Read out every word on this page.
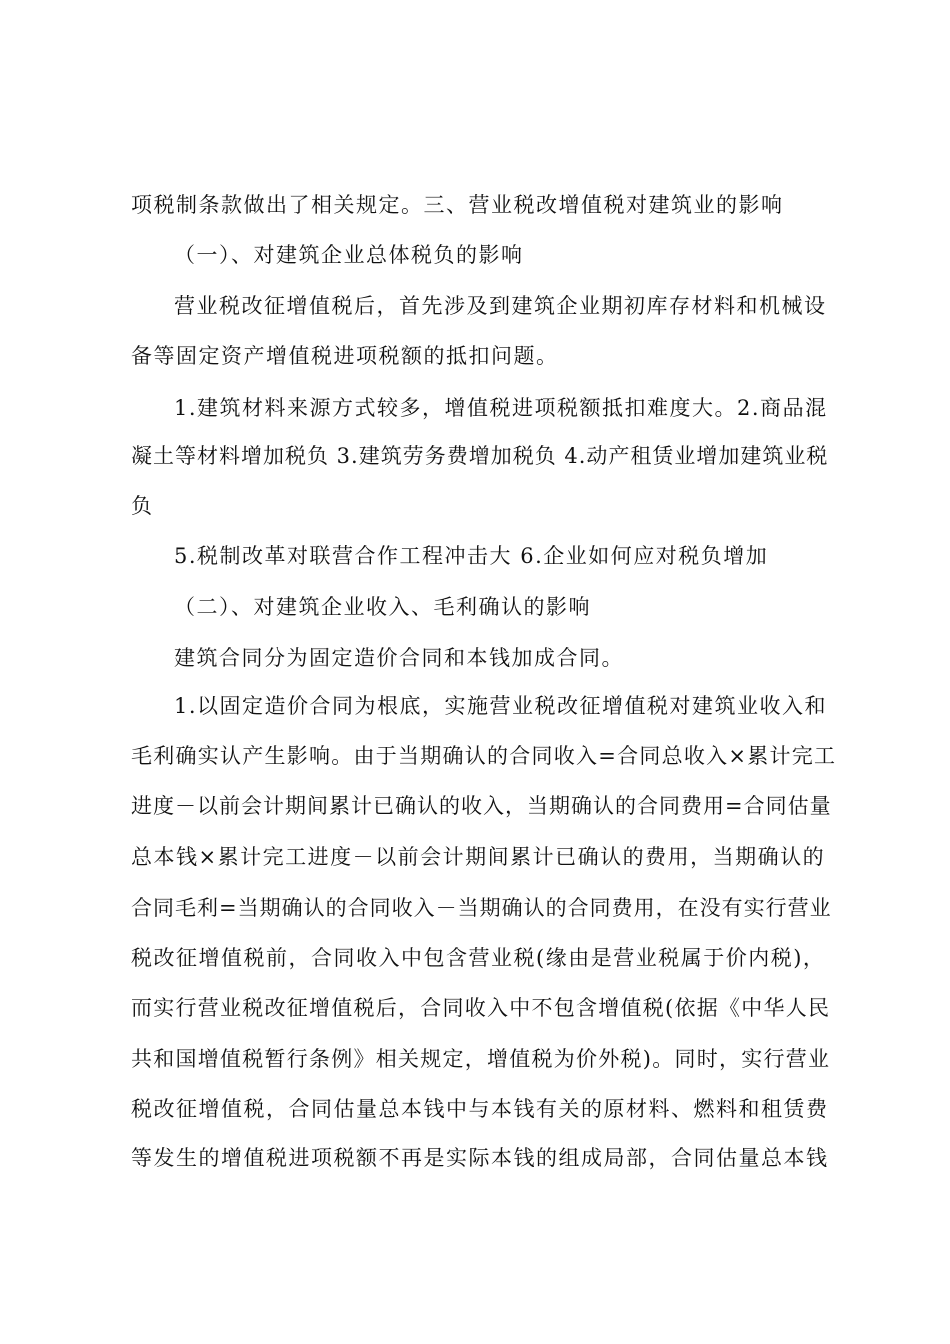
项税制条款做出了相关规定。三、营业税改增值税对建筑业的影响
（一）、对建筑企业总体税负的影响
营业税改征增值税后，首先涉及到建筑企业期初库存材料和机械设
备等固定资产增值税进项税额的抵扣问题。
1.建筑材料来源方式较多，增值税进项税额抵扣难度大。2.商品混
凝土等材料增加税负 3.建筑劳务费增加税负 4.动产租赁业增加建筑业税
负
5.税制改革对联营合作工程冲击大 6.企业如何应对税负增加
（二）、对建筑企业收入、毛利确认的影响
建筑合同分为固定造价合同和本钱加成合同。
1.以固定造价合同为根底，实施营业税改征增值税对建筑业收入和
毛利确实认产生影响。由于当期确认的合同收入=合同总收入×累计完工
进度－以前会计期间累计已确认的收入，当期确认的合同费用=合同估量
总本钱×累计完工进度－以前会计期间累计已确认的费用，当期确认的
合同毛利=当期确认的合同收入－当期确认的合同费用，在没有实行营业
税改征增值税前，合同收入中包含营业税(缘由是营业税属于价内税)，
而实行营业税改征增值税后，合同收入中不包含增值税(依据《中华人民
共和国增值税暂行条例》相关规定，增值税为价外税)。同时，实行营业
税改征增值税，合同估量总本钱中与本钱有关的原材料、燃料和租赁费
等发生的增值税进项税额不再是实际本钱的组成局部，合同估量总本钱
